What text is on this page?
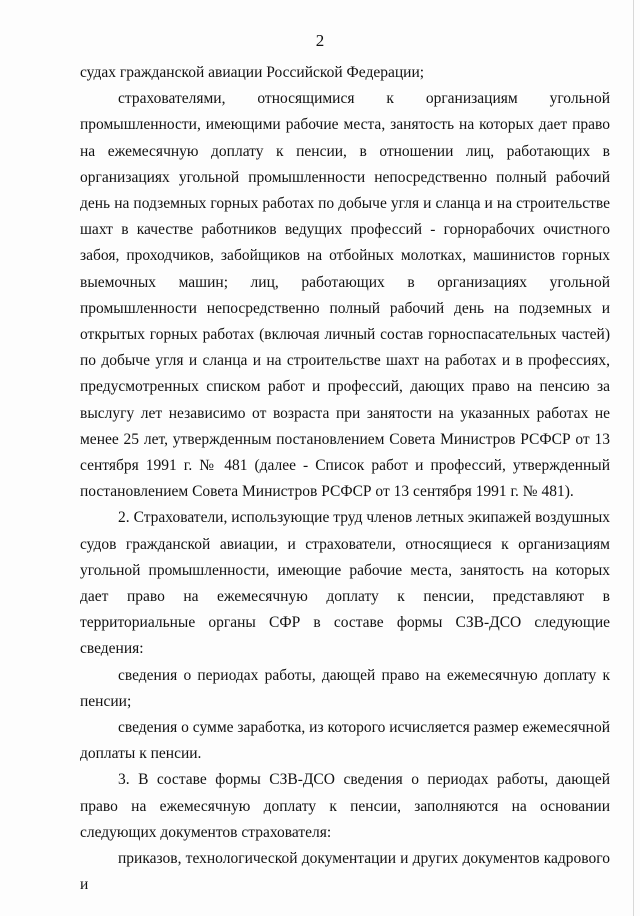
2

судах гражданской авиации Российской Федерации;

страхователями, относящимися к организациям угольной промышленности, имеющими рабочие места, занятость на которых дает право на ежемесячную доплату к пенсии, в отношении лиц, работающих в организациях угольной промышленности непосредственно полный рабочий день на подземных горных работах по добыче угля и сланца и на строительстве шахт в качестве работников ведущих профессий - горнорабочих очистного забоя, проходчиков, забойщиков на отбойных молотках, машинистов горных выемочных машин; лиц, работающих в организациях угольной промышленности непосредственно полный рабочий день на подземных и открытых горных работах (включая личный состав горноспасательных частей) по добыче угля и сланца и на строительстве шахт на работах и в профессиях, предусмотренных списком работ и профессий, дающих право на пенсию за выслугу лет независимо от возраста при занятости на указанных работах не менее 25 лет, утвержденным постановлением Совета Министров РСФСР от 13 сентября 1991 г. № 481 (далее - Список работ и профессий, утвержденный постановлением Совета Министров РСФСР от 13 сентября 1991 г. № 481).

2. Страхователи, использующие труд членов летных экипажей воздушных судов гражданской авиации, и страхователи, относящиеся к организациям угольной промышленности, имеющие рабочие места, занятость на которых дает право на ежемесячную доплату к пенсии, представляют в территориальные органы СФР в составе формы СЗВ-ДСО следующие сведения:

сведения о периодах работы, дающей право на ежемесячную доплату к пенсии;

сведения о сумме заработка, из которого исчисляется размер ежемесячной доплаты к пенсии.

3. В составе формы СЗВ-ДСО сведения о периодах работы, дающей право на ежемесячную доплату к пенсии, заполняются на основании следующих документов страхователя:

приказов, технологической документации и других документов кадрового и
